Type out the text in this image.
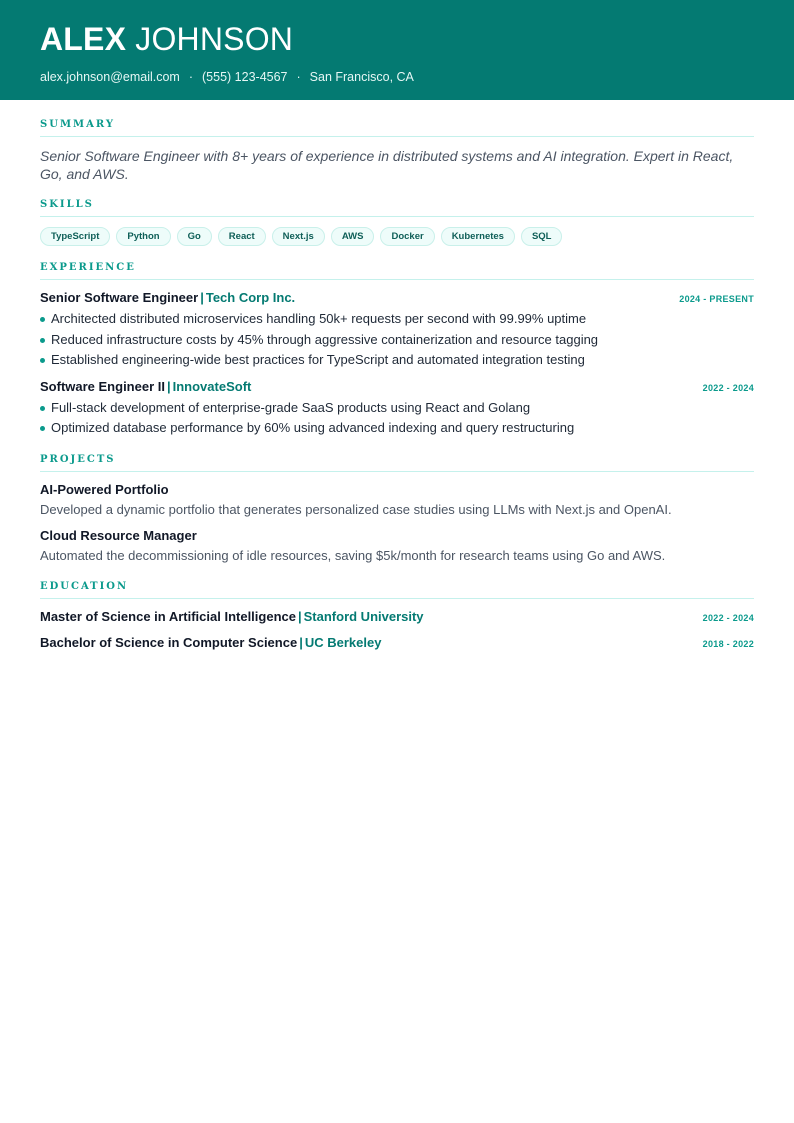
ALEX JOHNSON
alex.johnson@email.com · (555) 123-4567 · San Francisco, CA
SUMMARY

Senior Software Engineer with 8+ years of experience in distributed systems and AI integration. Expert in React, Go, and AWS.

SKILLS
TypeScript	Python	Go	React	Next.js	AWS	Docker	Kubernetes	SQL
EXPERIENCE
Senior Software Engineer | Tech Corp Inc.	2024 - PRESENT
Architected distributed microservices handling 50k+ requests per second with 99.99% uptime
Reduced infrastructure costs by 45% through aggressive containerization and resource tagging
Established engineering-wide best practices for TypeScript and automated integration testing
Software Engineer II | InnovateSoft	2022 - 2024
Full-stack development of enterprise-grade SaaS products using React and Golang
Optimized database performance by 60% using advanced indexing and query restructuring
PROJECTS
AI-Powered Portfolio
Developed a dynamic portfolio that generates personalized case studies using LLMs with Next.js and OpenAI.
Cloud Resource Manager
Automated the decommissioning of idle resources, saving $5k/month for research teams using Go and AWS.
EDUCATION
Master of Science in Artificial Intelligence | Stanford University	2022 - 2024
Bachelor of Science in Computer Science | UC Berkeley	2018 - 2022
